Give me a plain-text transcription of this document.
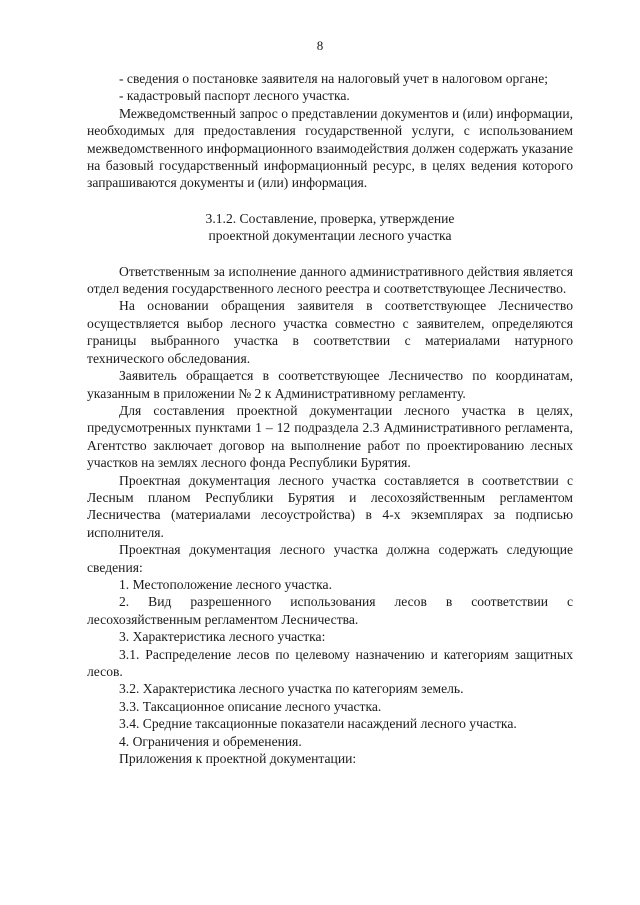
8

- сведения о постановке заявителя на налоговый учет в налоговом органе;

- кадастровый паспорт лесного участка.

Межведомственный запрос о представлении документов и (или) информации, необходимых для предоставления государственной услуги, с использованием межведомственного информационного взаимодействия должен содержать указание на базовый государственный информационный ресурс, в целях ведения которого запрашиваются документы и (или) информация.

3.1.2. Составление, проверка, утверждение
проектной документации лесного участка

Ответственным за исполнение данного административного действия является отдел ведения государственного лесного реестра и соответствующее Лесничество.

На основании обращения заявителя в соответствующее Лесничество осуществляется выбор лесного участка совместно с заявителем, определяются границы выбранного участка в соответствии с материалами натурного технического обследования.

Заявитель обращается в соответствующее Лесничество по координатам, указанным в приложении № 2 к Административному регламенту.

Для составления проектной документации лесного участка в целях, предусмотренных пунктами 1 – 12 подраздела 2.3 Административного регламента, Агентство заключает договор на выполнение работ по проектированию лесных участков на землях лесного фонда Республики Бурятия.

Проектная документация лесного участка составляется в соответствии с Лесным планом Республики Бурятия и лесохозяйственным регламентом Лесничества (материалами лесоустройства) в 4-х экземплярах за подписью исполнителя.

Проектная документация лесного участка должна содержать следующие сведения:

1. Местоположение лесного участка.

2. Вид разрешенного использования лесов в соответствии с лесохозяйственным регламентом Лесничества.

3. Характеристика лесного участка:

3.1. Распределение лесов по целевому назначению и категориям защитных лесов.

3.2. Характеристика лесного участка по категориям земель.

3.3. Таксационное описание лесного участка.

3.4. Средние таксационные показатели насаждений лесного участка.

4. Ограничения и обременения.

Приложения к проектной документации:
